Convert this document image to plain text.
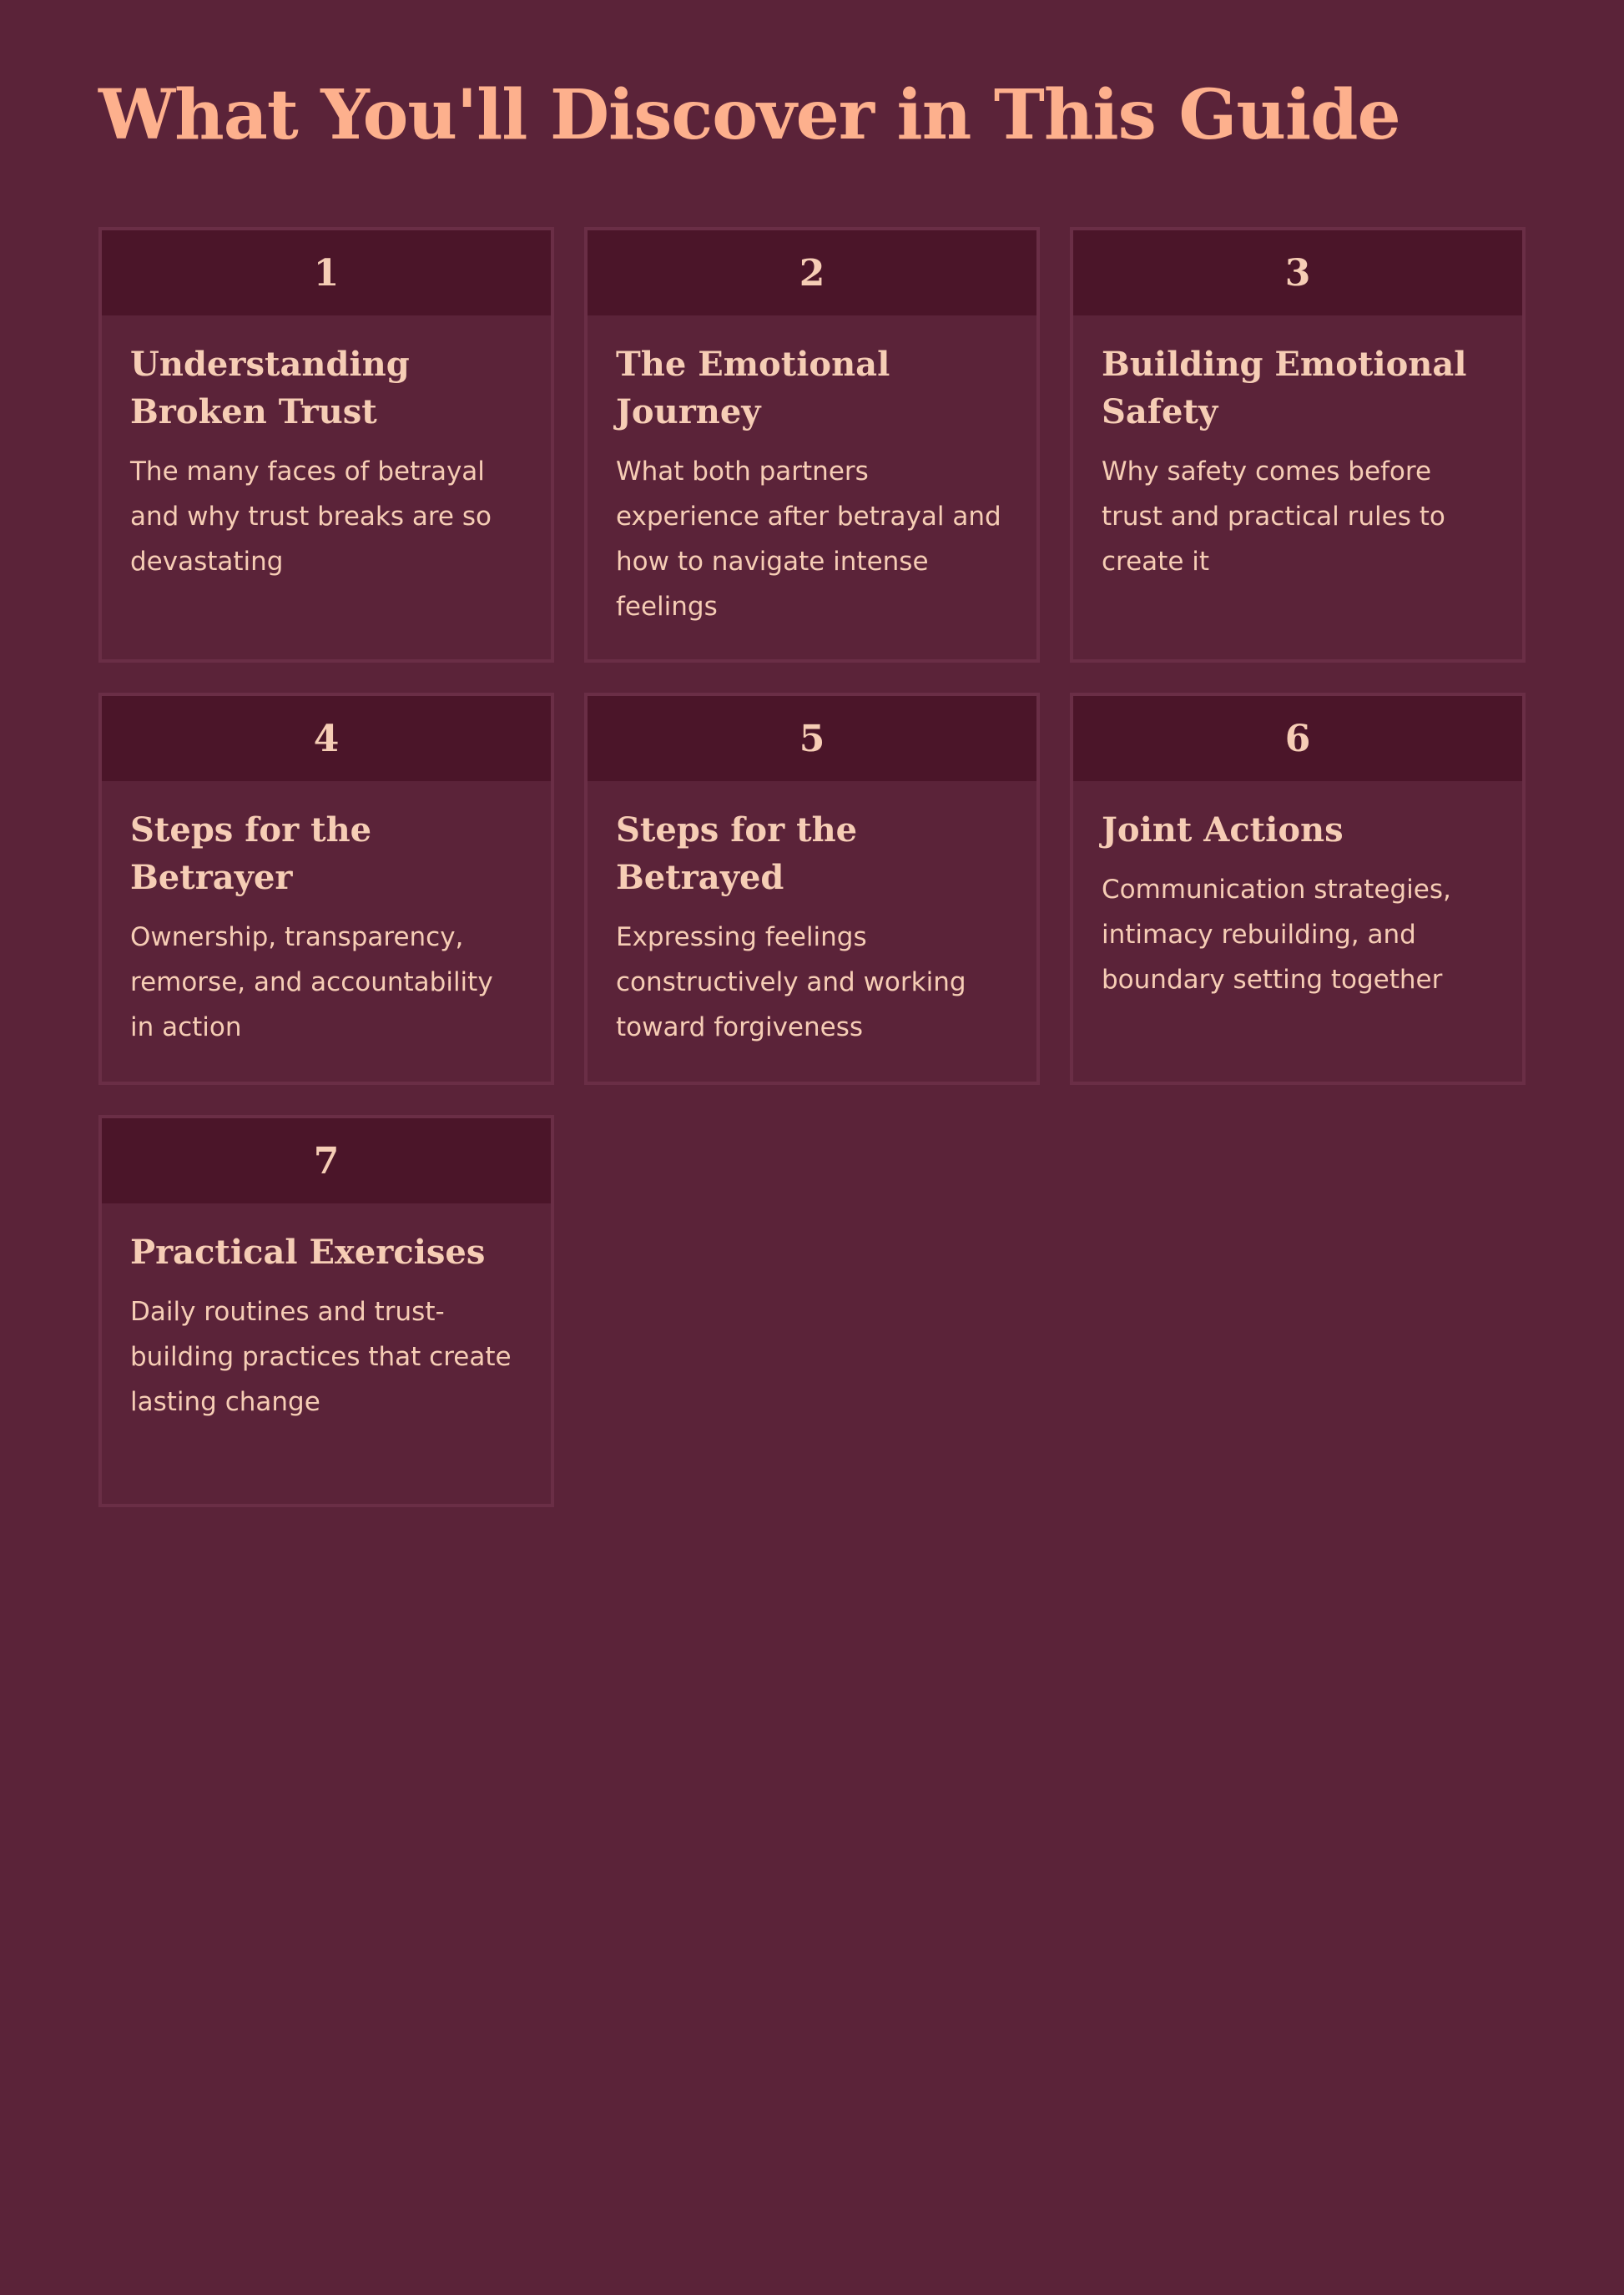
What You'll Discover in This Guide
1
Understanding Broken Trust

The many faces of betrayal and why trust breaks are so devastating

2
The Emotional Journey

What both partners experience after betrayal and how to navigate intense feelings

3
Building Emotional Safety

Why safety comes before trust and practical rules to create it

4
Steps for the Betrayer

Ownership, transparency, remorse, and accountability in action

5
Steps for the Betrayed

Expressing feelings constructively and working toward forgiveness

6
Joint Actions

Communication strategies, intimacy rebuilding, and boundary setting together

7
Practical Exercises

Daily routines and trust-building practices that create lasting change
